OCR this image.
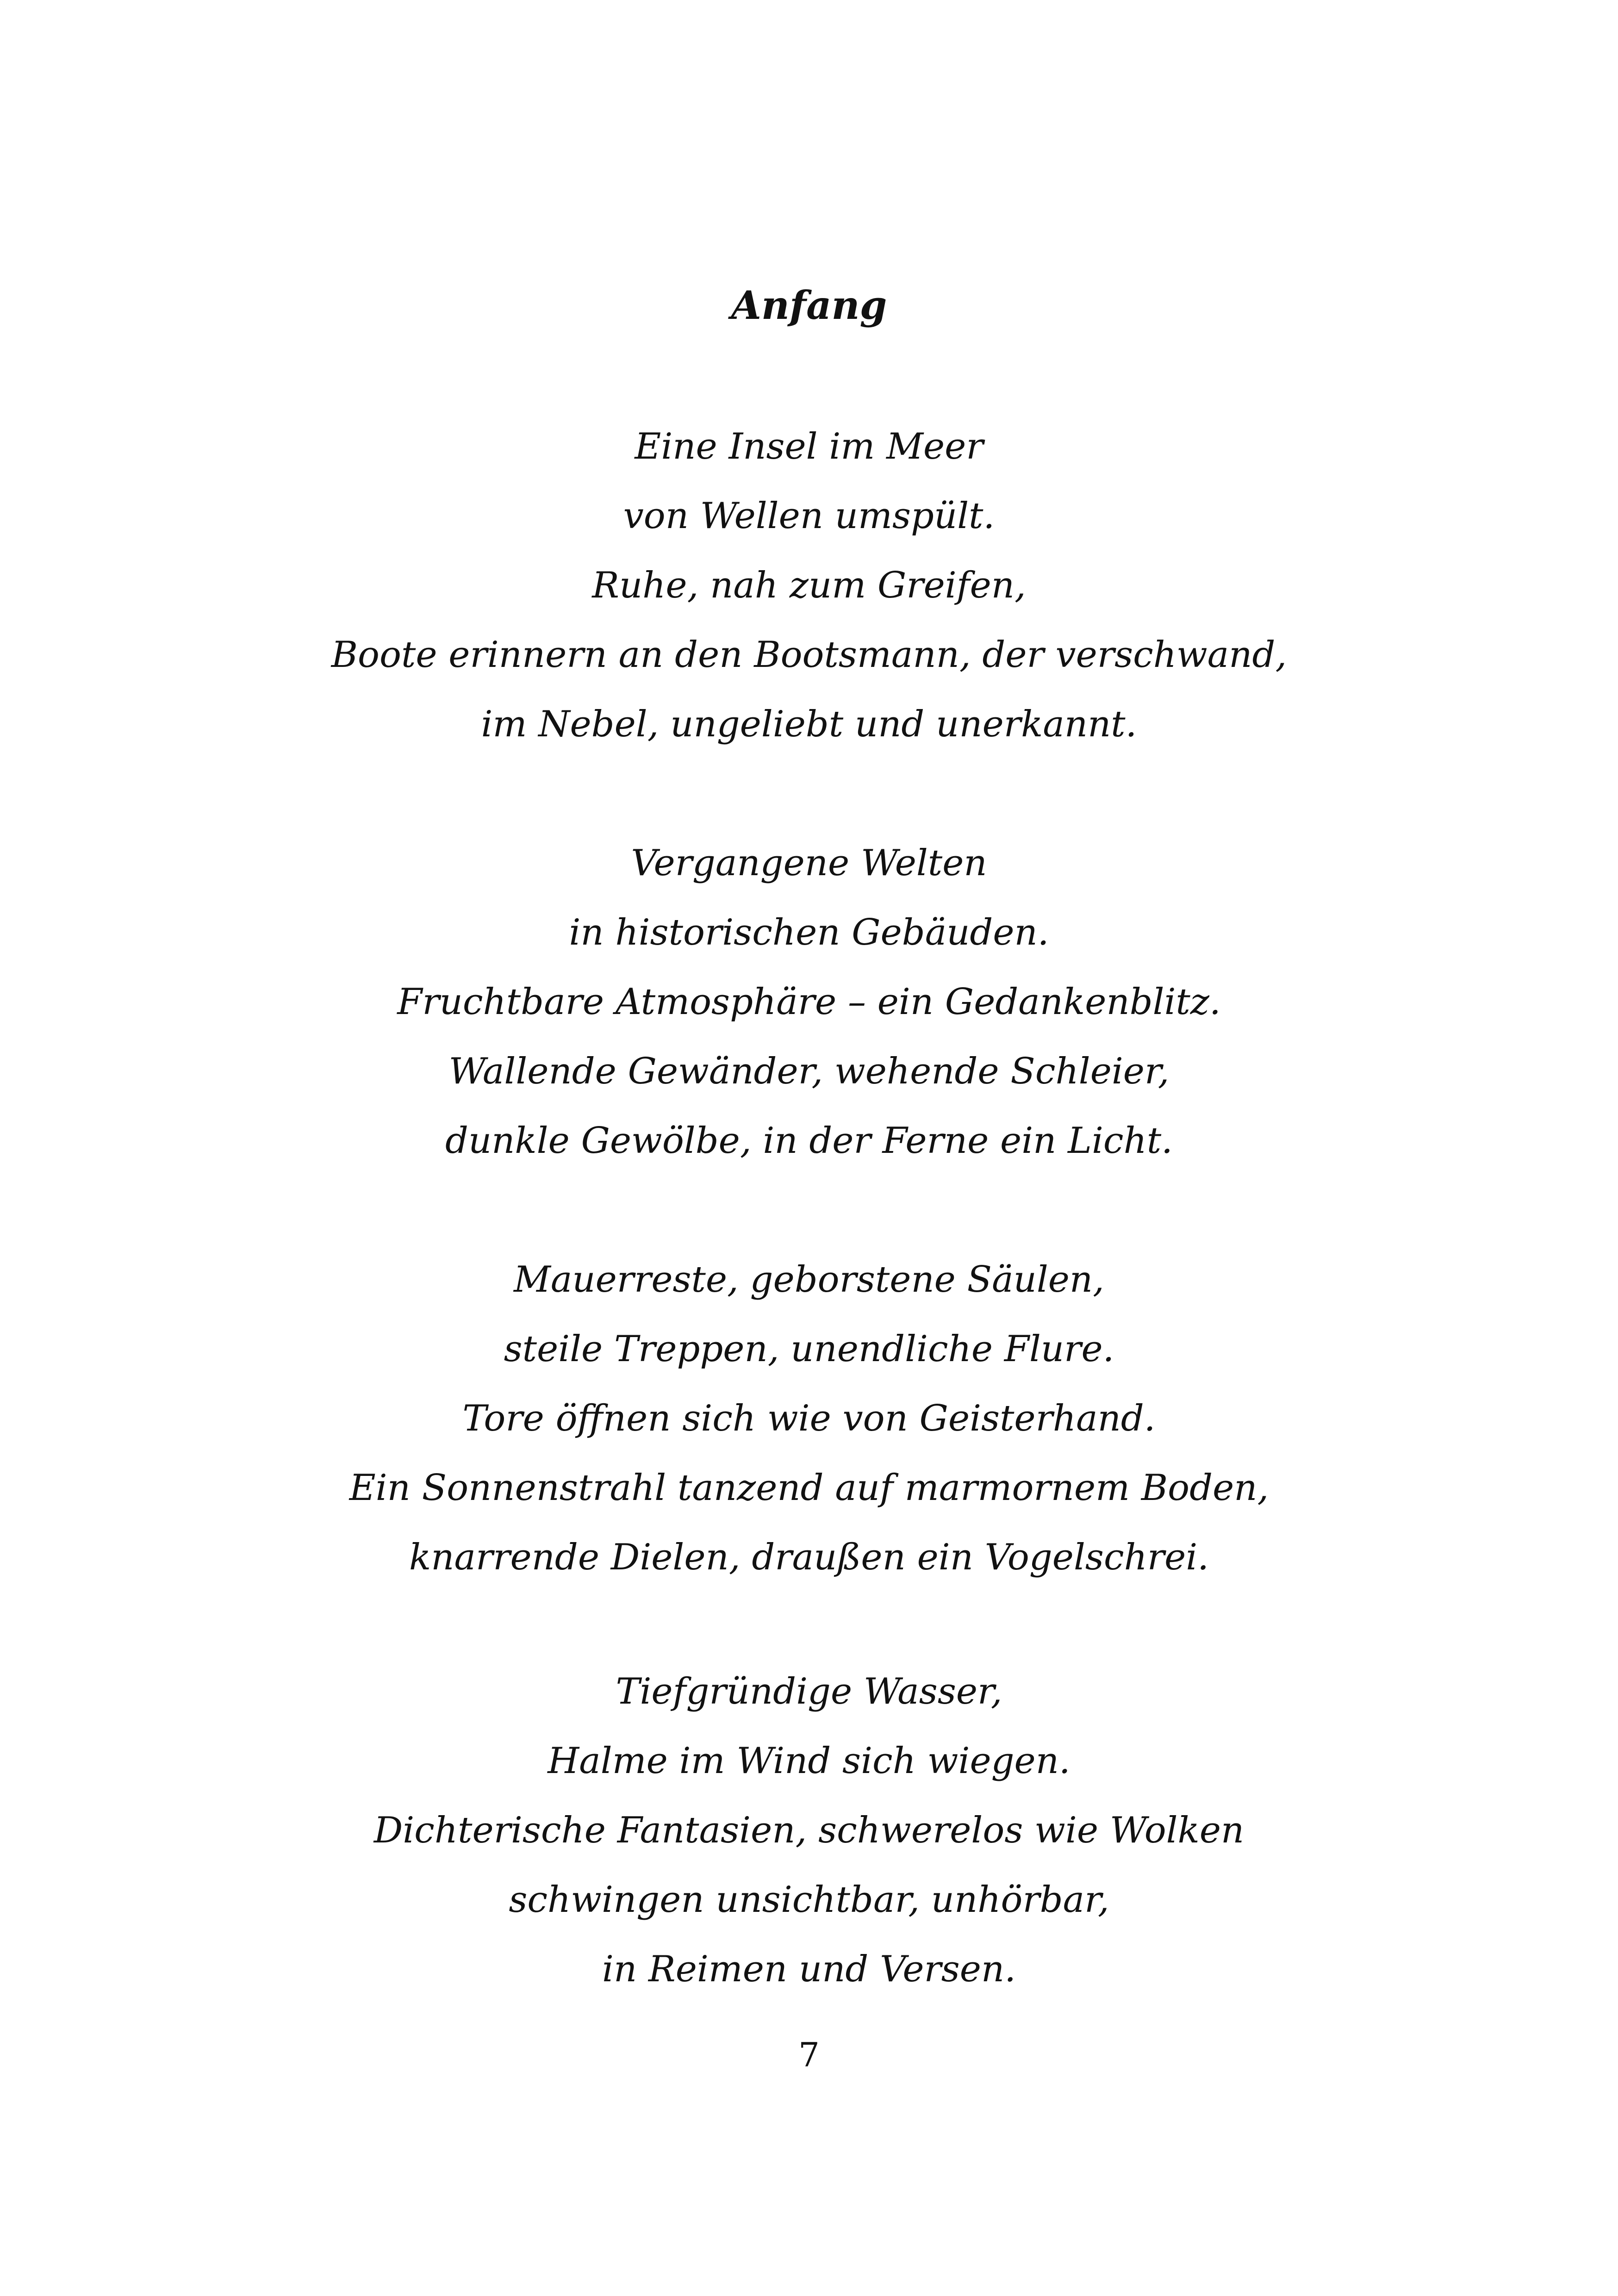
Anfang
Eine Insel im Meer
von Wellen umspült.
Ruhe, nah zum Greifen,
Boote erinnern an den Bootsmann, der verschwand,
im Nebel, ungeliebt und unerkannt.
Vergangene Welten
in historischen Gebäuden.
Fruchtbare Atmosphäre – ein Gedankenblitz.
Wallende Gewänder, wehende Schleier,
dunkle Gewölbe, in der Ferne ein Licht.
Mauerreste, geborstene Säulen,
steile Treppen, unendliche Flure.
Tore öffnen sich wie von Geisterhand.
Ein Sonnenstrahl tanzend auf marmornem Boden,
knarrende Dielen, draußen ein Vogelschrei.
Tiefgründige Wasser,
Halme im Wind sich wiegen.
Dichterische Fantasien, schwerelos wie Wolken
schwingen unsichtbar, unhörbar,
in Reimen und Versen.
7
